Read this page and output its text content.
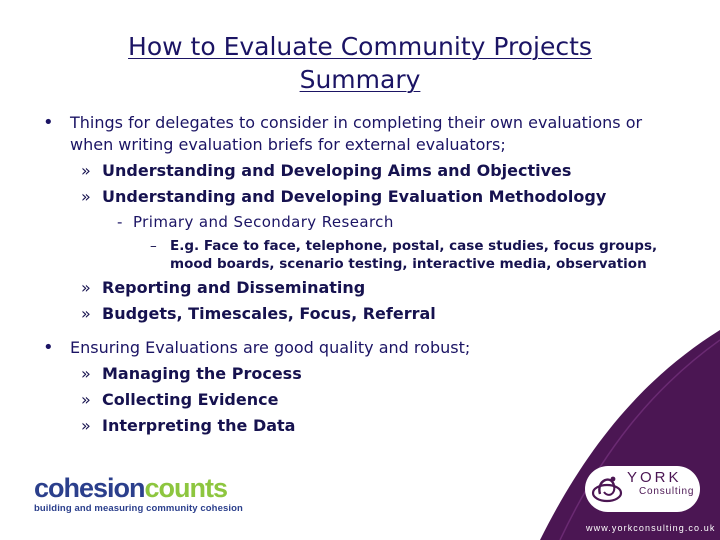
How to Evaluate Community Projects
Summary
• Things for delegates to consider in completing their own evaluations or when writing evaluation briefs for external evaluators;
» Understanding and Developing Aims and Objectives
» Understanding and Developing Evaluation Methodology
- Primary and Secondary Research
– E.g. Face to face, telephone, postal, case studies, focus groups, mood boards, scenario testing, interactive media, observation
» Reporting and Disseminating
» Budgets, Timescales, Focus, Referral
• Ensuring Evaluations are good quality and robust;
» Managing the Process
» Collecting Evidence
» Interpreting the Data
cohesioncounts
building and measuring community cohesion
YORK
Consulting
www.yorkconsulting.co.uk
